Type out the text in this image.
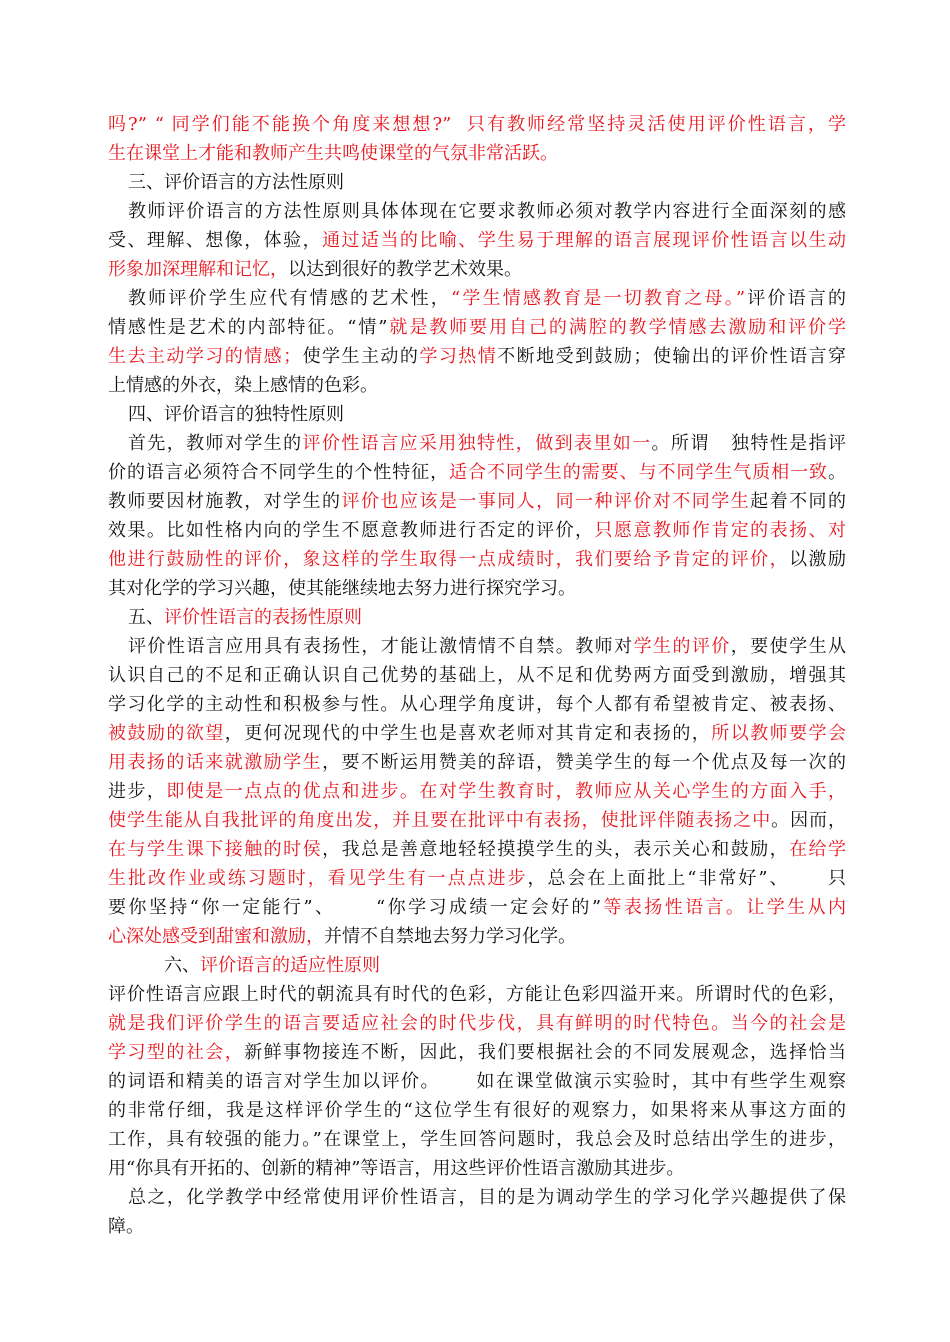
吗?” “ 同学们能不能换个角度来想想?”  只有教师经常坚持灵活使用评价性语言，学
生在课堂上才能和教师产生共鸣使课堂的气氛非常活跃。
三、评价语言的方法性原则
教师评价语言的方法性原则具体体现在它要求教师必须对教学内容进行全面深刻的感
受、理解、想像，体验，通过适当的比喻、学生易于理解的语言展现评价性语言以生动
形象加深理解和记忆，以达到很好的教学艺术效果。
教师评价学生应代有情感的艺术性，“学生情感教育是一切教育之母。”评价语言的
情感性是艺术的内部特征。“情”就是教师要用自己的满腔的教学情感去激励和评价学
生去主动学习的情感；使学生主动的学习热情不断地受到鼓励；使输出的评价性语言穿
上情感的外衣，染上感情的色彩。
四、评价语言的独特性原则
首先，教师对学生的评价性语言应采用独特性，做到表里如一。所谓   独特性是指评
价的语言必须符合不同学生的个性特征，适合不同学生的需要、与不同学生气质相一致。
教师要因材施教，对学生的评价也应该是一事同人，同一种评价对不同学生起着不同的
效果。比如性格内向的学生不愿意教师进行否定的评价，只愿意教师作肯定的表扬、对
他进行鼓励性的评价，象这样的学生取得一点成绩时，我们要给予肯定的评价，以激励
其对化学的学习兴趣，使其能继续地去努力进行探究学习。
五、评价性语言的表扬性原则
评价性语言应用具有表扬性，才能让激情情不自禁。教师对学生的评价，要使学生从
认识自己的不足和正确认识自己优势的基础上，从不足和优势两方面受到激励，增强其
学习化学的主动性和积极参与性。从心理学角度讲，每个人都有希望被肯定、被表扬、
被鼓励的欲望，更何况现代的中学生也是喜欢老师对其肯定和表扬的，所以教师要学会
用表扬的话来就激励学生，要不断运用赞美的辞语，赞美学生的每一个优点及每一次的
进步，即使是一点点的优点和进步。在对学生教育时，教师应从关心学生的方面入手，
使学生能从自我批评的角度出发，并且要在批评中有表扬，使批评伴随表扬之中。因而，
在与学生课下接触的时侯，我总是善意地轻轻摸摸学生的头，表示关心和鼓励，在给学
生批改作业或练习题时，看见学生有一点点进步，总会在上面批上“非常好”、     只
要你坚持“你一定能行”、     “你学习成绩一定会好的”等表扬性语言。让学生从内
心深处感受到甜蜜和激励，并情不自禁地去努力学习化学。
六、评价语言的适应性原则
评价性语言应跟上时代的朝流具有时代的色彩，方能让色彩四溢开来。所谓时代的色彩，
就是我们评价学生的语言要适应社会的时代步伐，具有鲜明的时代特色。当今的社会是
学习型的社会，新鲜事物接连不断，因此，我们要根据社会的不同发展观念，选择恰当
的词语和精美的语言对学生加以评价。     如在课堂做演示实验时，其中有些学生观察
的非常仔细，我是这样评价学生的“这位学生有很好的观察力，如果将来从事这方面的
工作，具有较强的能力。”在课堂上，学生回答问题时，我总会及时总结出学生的进步，
用“你具有开拓的、创新的精神”等语言，用这些评价性语言激励其进步。
总之，化学教学中经常使用评价性语言，目的是为调动学生的学习化学兴趣提供了保
障。
